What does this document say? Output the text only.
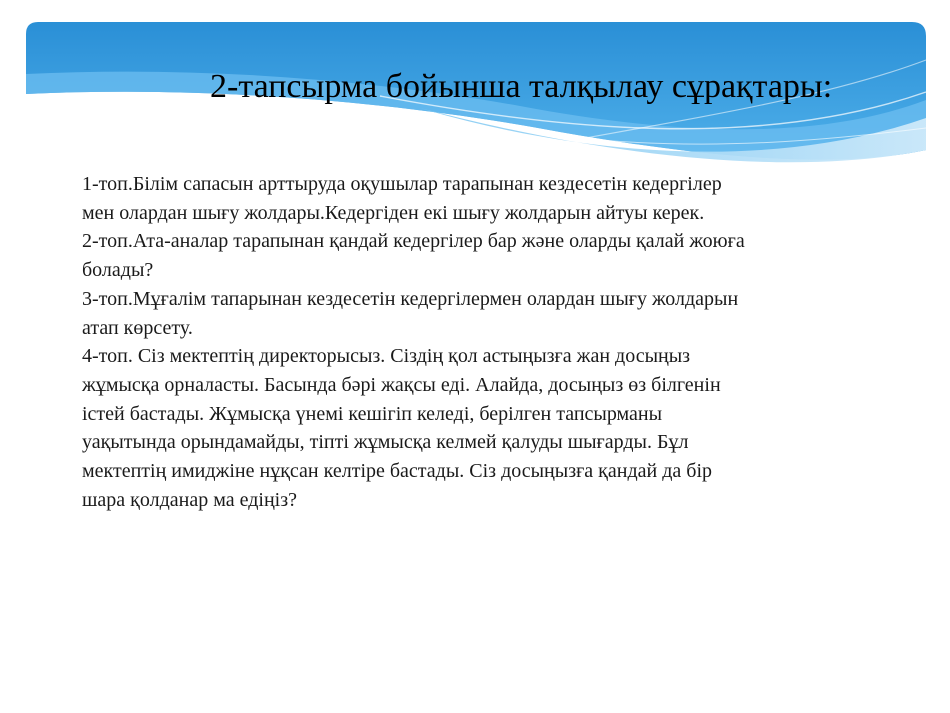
2-тапсырма бойынша талқылау сұрақтары:
1-топ.Білім сапасын арттыруда оқушылар тарапынан кездесетін кедергілер
мен олардан шығу жолдары.Кедергіден екі шығу жолдарын айтуы керек.
2-топ.Ата-аналар тарапынан қандай кедергілер бар және оларды қалай жоюға
болады?
3-топ.Мұғалім тапарынан кездесетін кедергілермен олардан шығу жолдарын
атап көрсету.
4-топ. Сіз мектептің директорысыз. Сіздің қол астыңызға жан досыңыз
жұмысқа орналасты. Басында бәрі жақсы еді. Алайда, досыңыз өз білгенін
істей бастады. Жұмысқа үнемі кешігіп келеді, берілген тапсырманы
уақытында орындамайды, тіпті жұмысқа келмей қалуды шығарды. Бұл
мектептің имиджіне нұқсан келтіре бастады. Сіз досыңызға қандай да бір
шара қолданар ма едіңіз?
